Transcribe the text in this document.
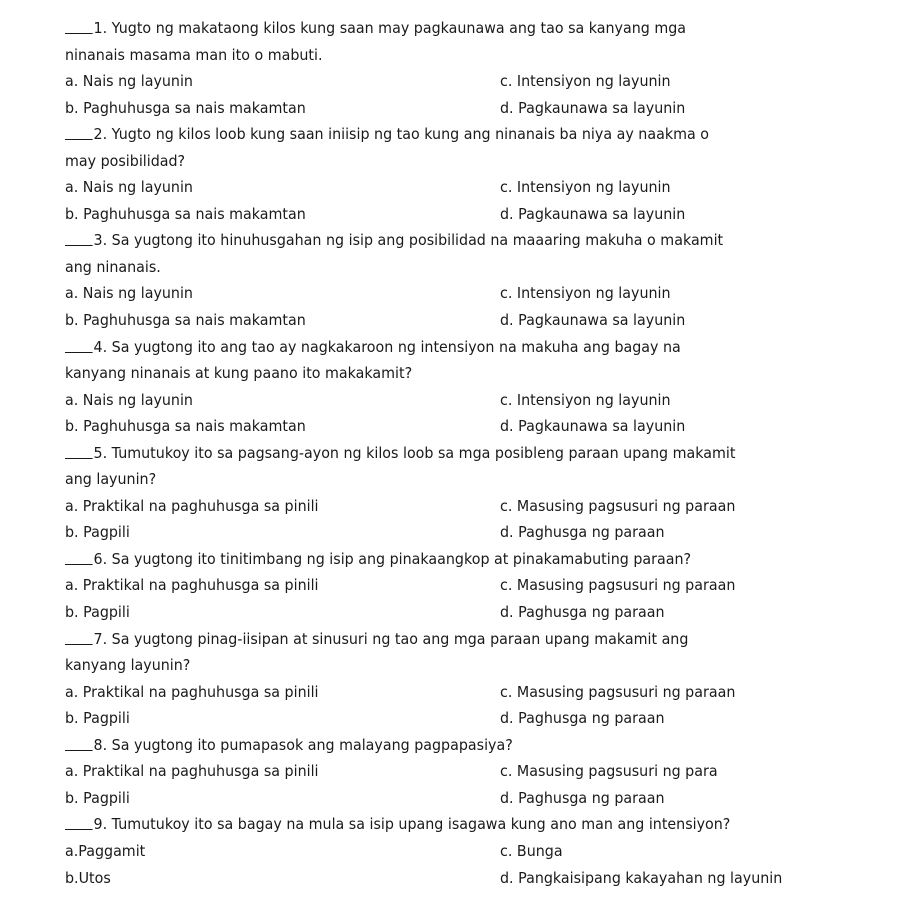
1. Yugto ng makataong kilos kung saan may pagkaunawa ang tao sa kanyang mga
ninanais masama man ito o mabuti.
a. Nais ng layunin	c. Intensiyon ng layunin
b. Paghuhusga sa nais makamtan	d. Pagkaunawa sa layunin
2. Yugto ng kilos loob kung saan iniisip ng tao kung ang ninanais ba niya ay naakma o
may posibilidad?
a. Nais ng layunin	c. Intensiyon ng layunin
b. Paghuhusga sa nais makamtan	d. Pagkaunawa sa layunin
3. Sa yugtong ito hinuhusgahan ng isip ang posibilidad na maaaring makuha o makamit
ang ninanais.
a. Nais ng layunin	c. Intensiyon ng layunin
b. Paghuhusga sa nais makamtan	d. Pagkaunawa sa layunin
4. Sa yugtong ito ang tao ay nagkakaroon ng intensiyon na makuha ang bagay na
kanyang ninanais at kung paano ito makakamit?
a. Nais ng layunin	c. Intensiyon ng layunin
b. Paghuhusga sa nais makamtan	d. Pagkaunawa sa layunin
5. Tumutukoy ito sa pagsang-ayon ng kilos loob sa mga posibleng paraan upang makamit
ang layunin?
a. Praktikal na paghuhusga sa pinili	c. Masusing pagsusuri ng paraan
b. Pagpili	d. Paghusga ng paraan
6. Sa yugtong ito tinitimbang ng isip ang pinakaangkop at pinakamabuting paraan?
a. Praktikal na paghuhusga sa pinili	c. Masusing pagsusuri ng paraan
b. Pagpili	d. Paghusga ng paraan
7. Sa yugtong pinag-iisipan at sinusuri ng tao ang mga paraan upang makamit ang
kanyang layunin?
a. Praktikal na paghuhusga sa pinili	c. Masusing pagsusuri ng paraan
b. Pagpili	d. Paghusga ng paraan
8. Sa yugtong ito pumapasok ang malayang pagpapasiya?
a. Praktikal na paghuhusga sa pinili	c. Masusing pagsusuri ng para
b. Pagpili	d. Paghusga ng paraan
9. Tumutukoy ito sa bagay na mula sa isip upang isagawa kung ano man ang intensiyon?
a.Paggamit	c. Bunga
b.Utos	d. Pangkaisipang kakayahan ng layunin
